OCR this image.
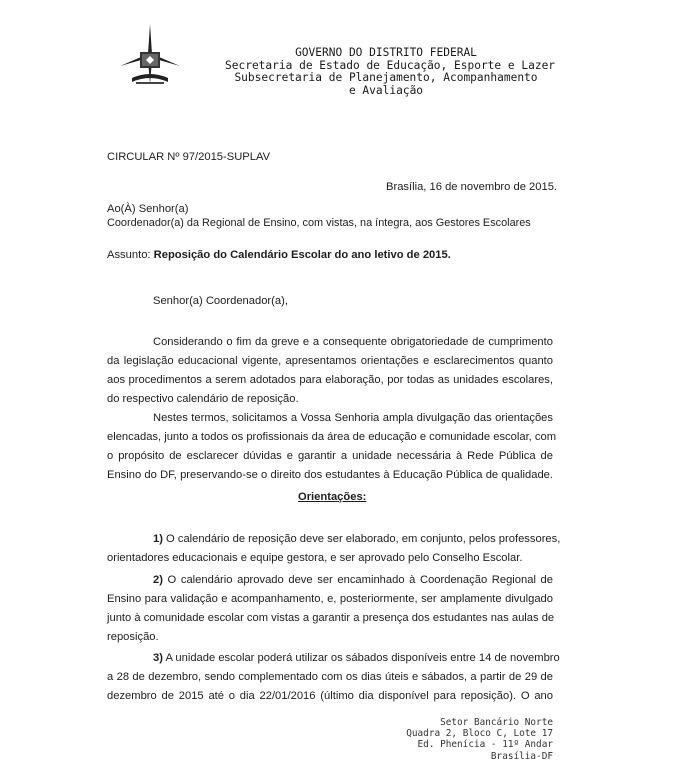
GOVERNO DO DISTRITO FEDERAL
Secretaria de Estado de Educação, Esporte e Lazer
Subsecretaria de Planejamento, Acompanhamento
e Avaliação
CIRCULAR Nº 97/2015-SUPLAV
Brasília, 16 de novembro de 2015.
Ao(À) Senhor(a)
Coordenador(a) da Regional de Ensino, com vistas, na íntegra, aos Gestores Escolares
Assunto: Reposição do Calendário Escolar do ano letivo de 2015.
Senhor(a) Coordenador(a),
Considerando o fim da greve e a consequente obrigatoriedade de cumprimento
da legislação educacional vigente, apresentamos orientações e esclarecimentos quanto
aos procedimentos a serem adotados para elaboração, por todas as unidades escolares,
do respectivo calendário de reposição.
Nestes termos, solicitamos a Vossa Senhoria ampla divulgação das orientações
elencadas, junto a todos os profissionais da área de educação e comunidade escolar, com
o propósito de esclarecer dúvidas e garantir a unidade necessária à Rede Pública de
Ensino do DF, preservando-se o direito dos estudantes à Educação Pública de qualidade.
Orientações:
1) O calendário de reposição deve ser elaborado, em conjunto, pelos professores,
orientadores educacionais e equipe gestora, e ser aprovado pelo Conselho Escolar.
2) O calendário aprovado deve ser encaminhado à Coordenação Regional de
Ensino para validação e acompanhamento, e, posteriormente, ser amplamente divulgado
junto à comunidade escolar com vistas a garantir a presença dos estudantes nas aulas de
reposição.
3) A unidade escolar poderá utilizar os sábados disponíveis entre 14 de novembro
a 28 de dezembro, sendo complementado com os dias úteis e sábados, a partir de 29 de
dezembro de 2015 até o dia 22/01/2016 (último dia disponível para reposição). O ano
Setor Bancário Norte
Quadra 2, Bloco C, Lote 17
Ed. Phenícia - 11º Andar
Brasília-DF
